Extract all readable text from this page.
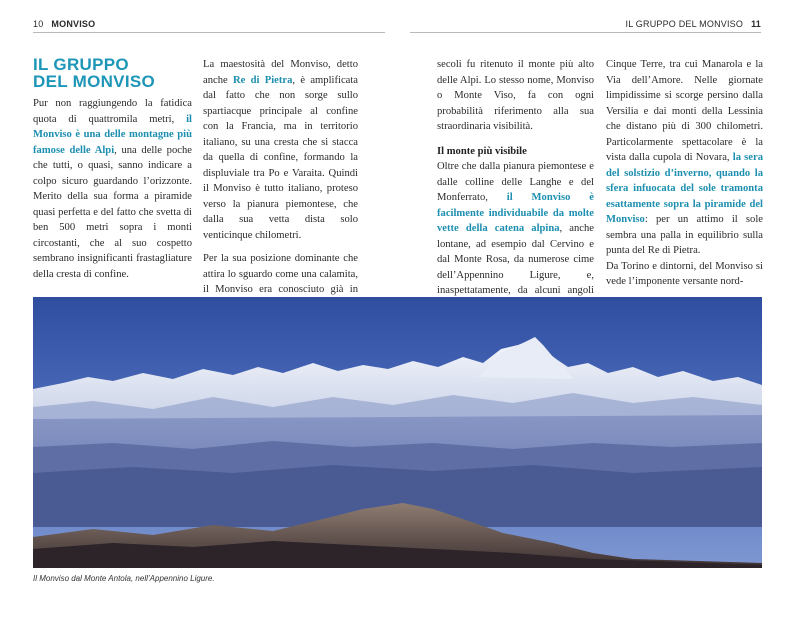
10 MONVISO	IL GRUPPO DEL MONVISO 11
IL GRUPPO
DEL MONVISO

Pur non raggiungendo la fatidica quota di quattromila metri, il Monviso è una delle montagne più famose delle Alpi, una delle poche che tutti, o quasi, sanno indicare a colpo sicuro guardando l’orizzonte. Merito della sua forma a piramide quasi perfetta e del fatto che svetta di ben 500 metri sopra i monti circostanti, che al suo cospetto sembrano insignificanti frastagliature della cresta di confine.

La maestosità del Monviso, detto anche Re di Pietra, è amplificata dal fatto che non sorge sullo spartiacque principale al confine con la Francia, ma in territorio italiano, su una cresta che si stacca da quella di confine, formando la displuviale tra Po e Varaita. Quindi il Monviso è tutto italiano, proteso verso la pianura piemontese, che dalla sua vetta dista solo venticinque chilometri.

Per la sua posizione dominante che attira lo sguardo come una calamita, il Monviso era conosciuto già in

secoli fu ritenuto il monte più alto delle Alpi. Lo stesso nome, Monviso o Monte Viso, fa con ogni probabilità riferimento alla sua straordinaria visibilità.

Il monte più visibile

Oltre che dalla pianura piemontese e dalle colline delle Langhe e del Monferrato, il Monviso è facilmente individuabile da molte vette della catena alpina, anche lontane, ad esempio dal Cervino e dal Monte Rosa, da numerose cime dell’Appennino Ligure, e, inaspettatamente, da alcuni angoli

Cinque Terre, tra cui Manarola e la Via dell’Amore. Nelle giornate limpidissime si scorge persino dalla Versilia e dai monti della Lessinia che distano più di 300 chilometri. Particolarmente spettacolare è la vista dalla cupola di Novara, la sera del solstizio d’inverno, quando la sfera infuocata del sole tramonta esattamente sopra la piramide del Monviso: per un attimo il sole sembra una palla in equilibrio sulla punta del Re di Pietra.

Da Torino e dintorni, del Monviso si vede l’imponente versante nord-

Il Monviso dal Monte Antola, nell’Appennino Ligure.
